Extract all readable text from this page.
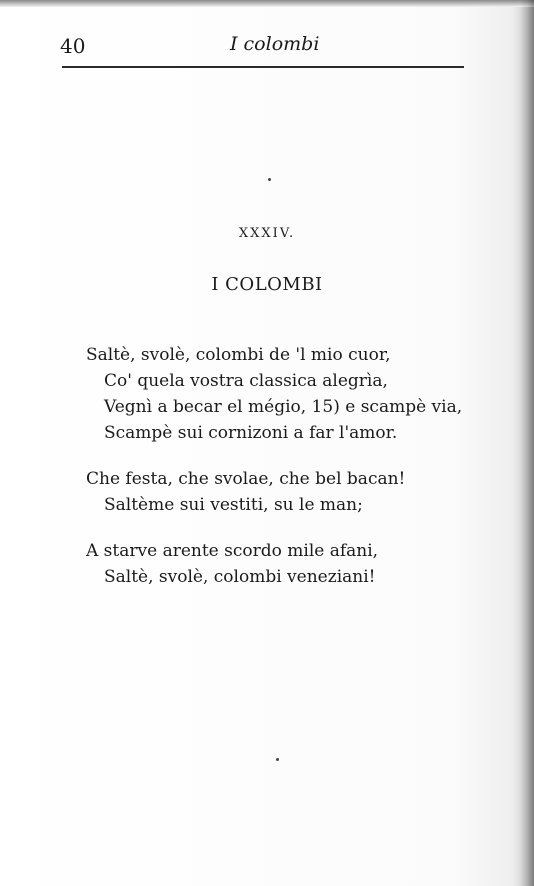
40	I colombi
XXXIV.
I COLOMBI
Saltè, svolè, colombi de 'l mio cuor,
Co' quela vostra classica alegrìa,
Vegnì a becar el mégio, 15) e scampè via,
Scampè sui cornizoni a far l'amor.
Che festa, che svolae, che bel bacan!
Saltème sui vestiti, su le man;
A starve arente scordo mile afani,
Saltè, svolè, colombi veneziani!
